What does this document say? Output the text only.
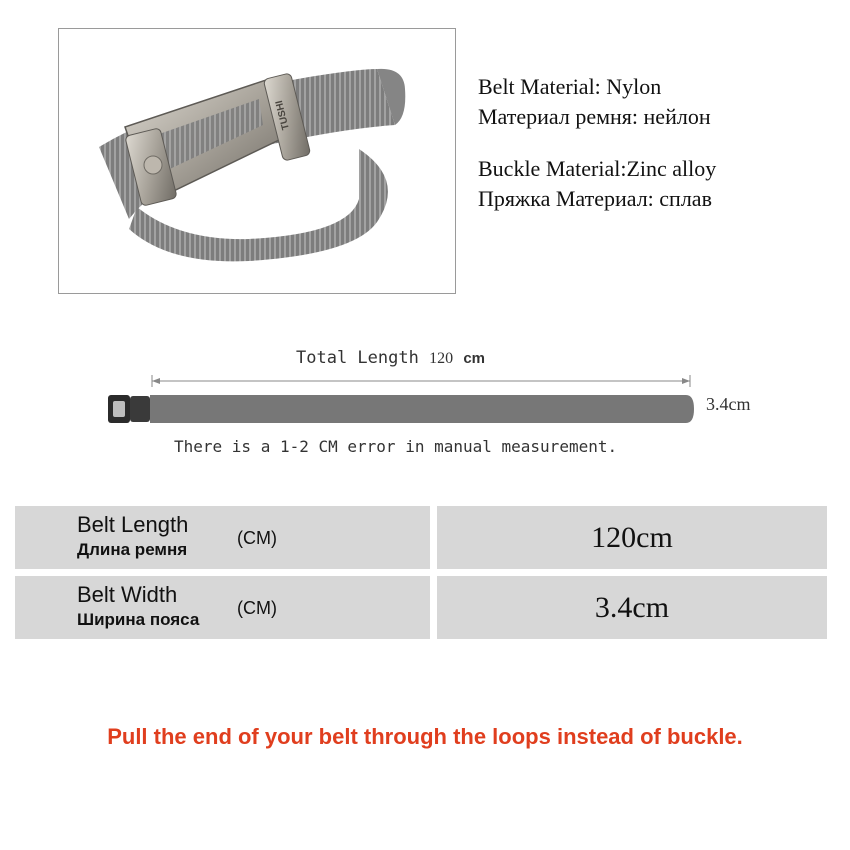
TUSHI
Belt Material: Nylon
Материал ремня: нейлон
Buckle Material:Zinc alloy
Пряжка Материал: сплав
Total Length 120 cm
3.4cm
There is a 1-2 CM error in manual measurement.
Belt Length
Длина ремня
(CM)	120cm
Belt Width
Ширина пояса
(CM)	3.4cm
Pull the end of your belt through the loops instead of buckle.
